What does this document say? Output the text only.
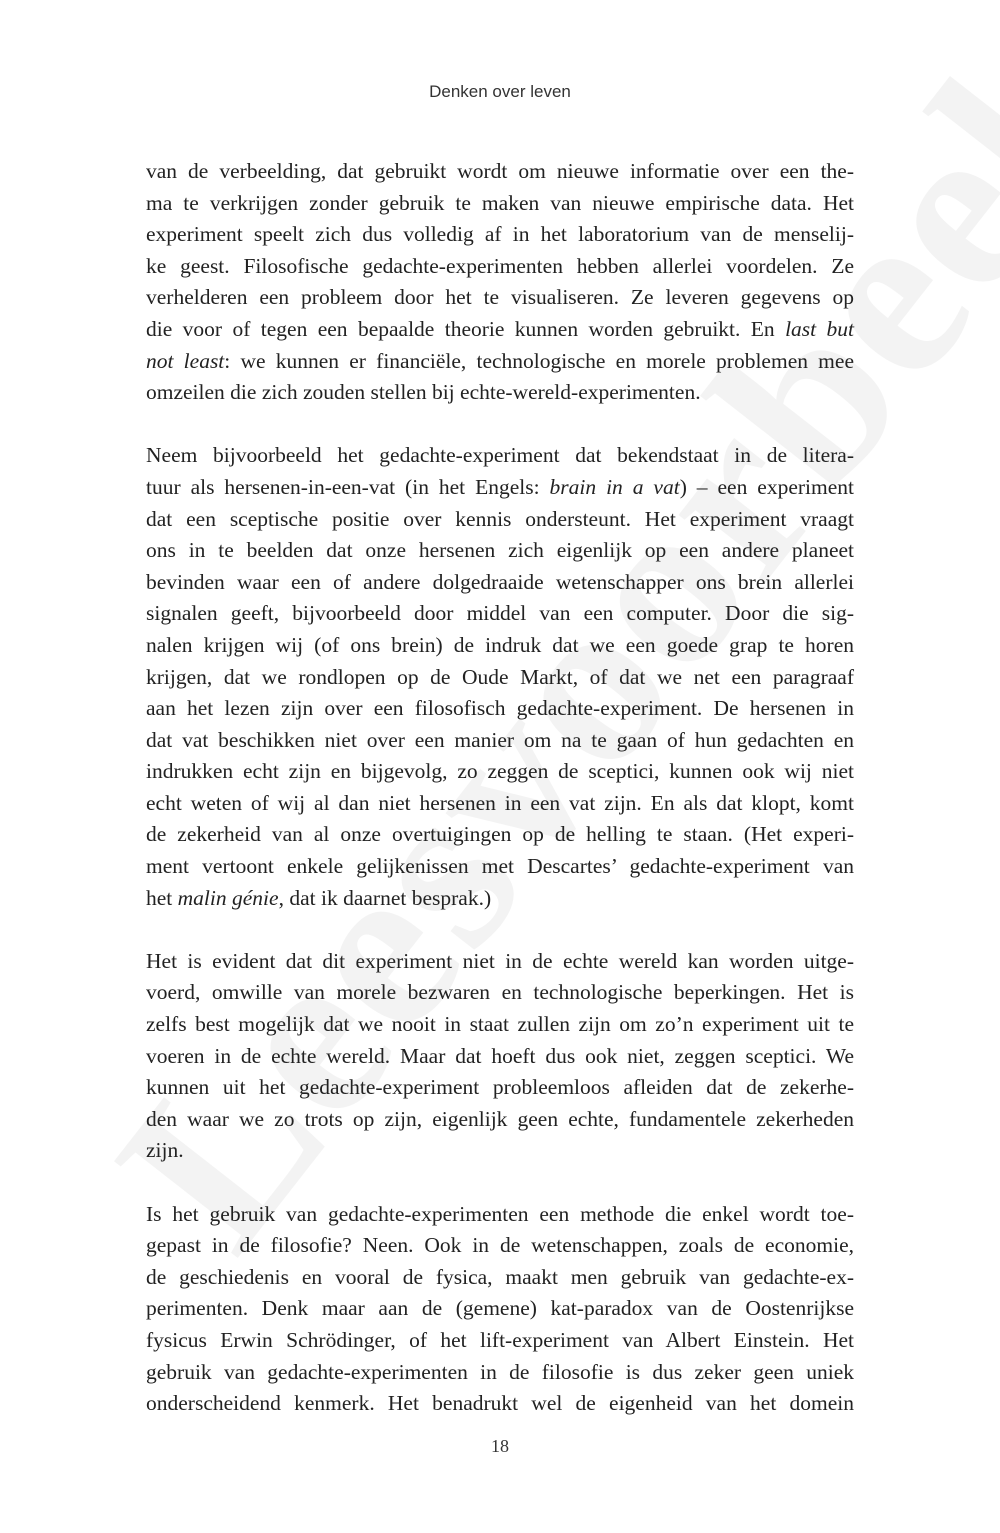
Denken over leven
van de verbeelding, dat gebruikt wordt om nieuwe informatie over een the-
ma te verkrijgen zonder gebruik te maken van nieuwe empirische data. Het
experiment speelt zich dus volledig af in het laboratorium van de menselij-
ke geest. Filosofische gedachte-experimenten hebben allerlei voordelen. Ze
verhelderen een probleem door het te visualiseren. Ze leveren gegevens op
die voor of tegen een bepaalde theorie kunnen worden gebruikt. En last but
not least: we kunnen er financiële, technologische en morele problemen mee
omzeilen die zich zouden stellen bij echte-wereld-experimenten.
Neem bijvoorbeeld het gedachte-experiment dat bekendstaat in de litera-
tuur als hersenen-in-een-vat (in het Engels: brain in a vat) – een experiment
dat een sceptische positie over kennis ondersteunt. Het experiment vraagt
ons in te beelden dat onze hersenen zich eigenlijk op een andere planeet
bevinden waar een of andere dolgedraaide wetenschapper ons brein allerlei
signalen geeft, bijvoorbeeld door middel van een computer. Door die sig-
nalen krijgen wij (of ons brein) de indruk dat we een goede grap te horen
krijgen, dat we rondlopen op de Oude Markt, of dat we net een paragraaf
aan het lezen zijn over een filosofisch gedachte-experiment. De hersenen in
dat vat beschikken niet over een manier om na te gaan of hun gedachten en
indrukken echt zijn en bijgevolg, zo zeggen de sceptici, kunnen ook wij niet
echt weten of wij al dan niet hersenen in een vat zijn. En als dat klopt, komt
de zekerheid van al onze overtuigingen op de helling te staan. (Het experi-
ment vertoont enkele gelijkenissen met Descartes’ gedachte-experiment van
het malin génie, dat ik daarnet besprak.)
Het is evident dat dit experiment niet in de echte wereld kan worden uitge-
voerd, omwille van morele bezwaren en technologische beperkingen. Het is
zelfs best mogelijk dat we nooit in staat zullen zijn om zo’n experiment uit te
voeren in de echte wereld. Maar dat hoeft dus ook niet, zeggen sceptici. We
kunnen uit het gedachte-experiment probleemloos afleiden dat de zekerhe-
den waar we zo trots op zijn, eigenlijk geen echte, fundamentele zekerheden
zijn.
Is het gebruik van gedachte-experimenten een methode die enkel wordt toe-
gepast in de filosofie? Neen. Ook in de wetenschappen, zoals de economie,
de geschiedenis en vooral de fysica, maakt men gebruik van gedachte-ex-
perimenten. Denk maar aan de (gemene) kat-paradox van de Oostenrijkse
fysicus Erwin Schrödinger, of het lift-experiment van Albert Einstein. Het
gebruik van gedachte-experimenten in de filosofie is dus zeker geen uniek
onderscheidend kenmerk. Het benadrukt wel de eigenheid van het domein
18
